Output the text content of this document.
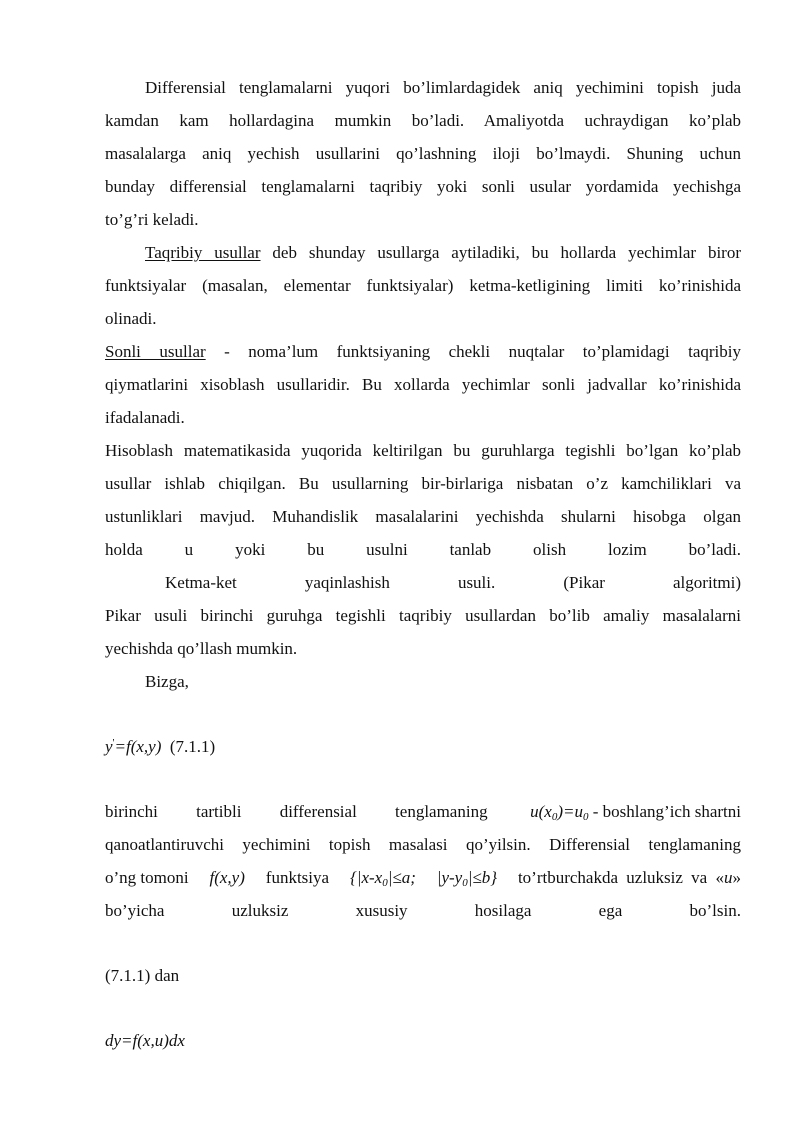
Differensial tenglamalarni yuqori bo’limlardagidek aniq yechimini topish juda
kamdan kam hollardagina mumkin bo’ladi. Amaliyotda uchraydigan ko’plab
masalalarga aniq yechish usullarini qo’lashning iloji bo’lmaydi. Shuning uchun
bunday differensial tenglamalarni taqribiy yoki sonli usular yordamida yechishga
to’g’ri keladi.
Taqribiy usullar deb shunday usullarga aytiladiki, bu hollarda yechimlar biror
funktsiyalar (masalan, elementar funktsiyalar) ketma-ketligining limiti ko’rinishida
olinadi.
Sonli usullar - noma’lum funktsiyaning chekli nuqtalar to’plamidagi taqribiy
qiymatlarini xisoblash usullaridir. Bu xollarda yechimlar sonli jadvallar ko’rinishida
ifadalanadi.
Hisoblash matematikasida yuqorida keltirilgan bu guruhlarga tegishli bo’lgan ko’plab
usullar ishlab chiqilgan. Bu usullarning bir-birlariga nisbatan o’z kamchiliklari va
ustunliklari mavjud. Muhandislik masalalarini yechishda shularni hisobga olgan
holda u yoki bu usulni tanlab olish lozim bo’ladi.
Ketma-ket yaqinlashish usuli. (Pikar algoritmi)
Pikar usuli birinchi guruhga tegishli taqribiy usullardan bo’lib amaliy masalalarni
yechishda qo’llash mumkin.
Bizga,
y'=f(x,y) (7.1.1)
birinchi tartibli differensial tenglamaning	$u(x_0)=u_0$ - boshlang’ich shartni
qanoatlantiruvchi yechimini topish masalasi qo’yilsin. Differensial tenglamaning
o’ng tomoni f(x,y) funktsiya {$|x-x_0|\le a$; $|y-y_0|\le b$} to’rtburchakda uzluksiz va «u»
bo’yicha uzluksiz xususiy hosilaga ega bo’lsin.
(7.1.1) dan
dy=f(x,u)dx
